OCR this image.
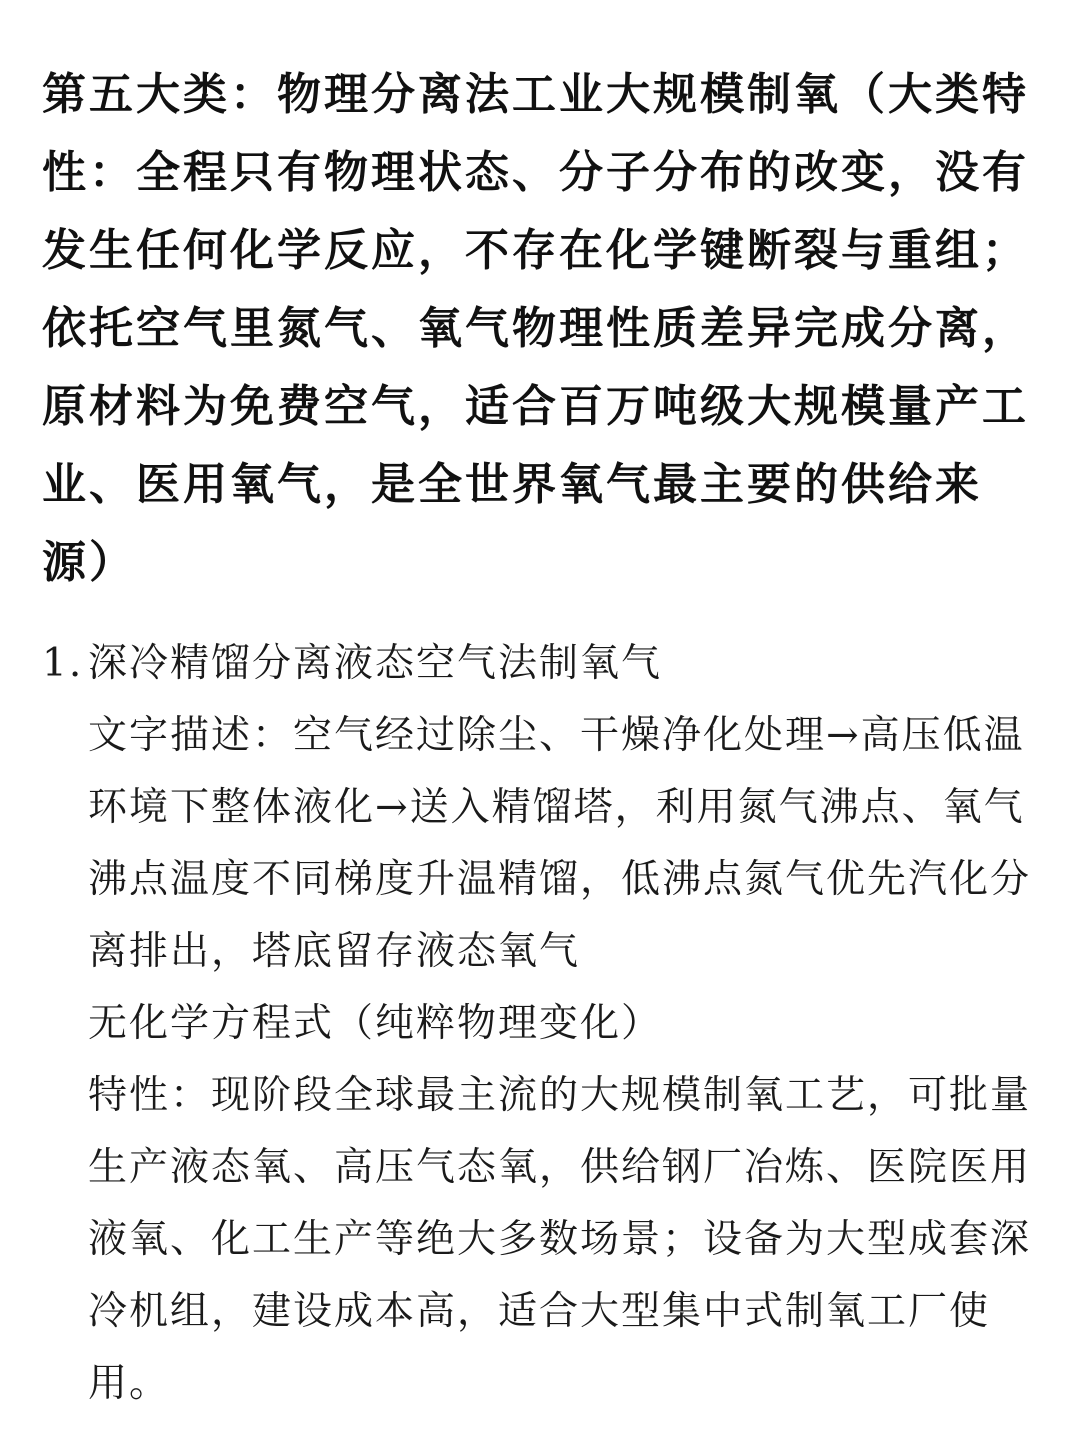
第五大类：物理分离法工业大规模制氧（大类特性：全程只有物理状态、分子分布的改变，没有发生任何化学反应，不存在化学键断裂与重组；依托空气里氮气、氧气物理性质差异完成分离，原材料为免费空气，适合百万吨级大规模量产工业、医用氧气，是全世界氧气最主要的供给来源）

1. 深冷精馏分离液态空气法制氧气

文字描述：空气经过除尘、干燥净化处理→高压低温环境下整体液化→送入精馏塔，利用氮气沸点、氧气沸点温度不同梯度升温精馏，低沸点氮气优先汽化分离排出，塔底留存液态氧气

无化学方程式（纯粹物理变化）

特性：现阶段全球最主流的大规模制氧工艺，可批量生产液态氧、高压气态氧，供给钢厂冶炼、医院医用液氧、化工生产等绝大多数场景；设备为大型成套深冷机组，建设成本高，适合大型集中式制氧工厂使用。
